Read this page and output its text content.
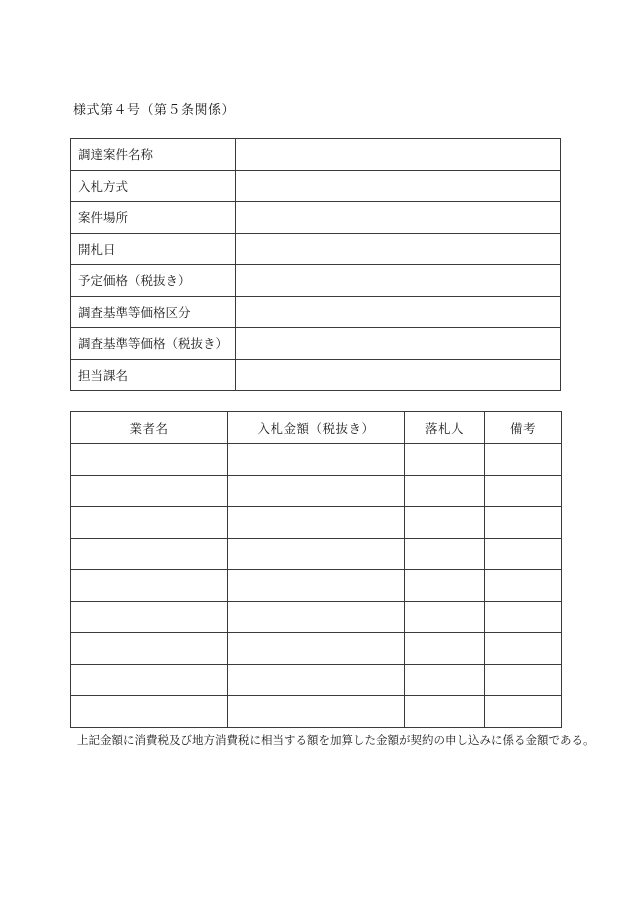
様式第４号（第５条関係）
調達案件名称	
入札方式	
案件場所	
開札日	
予定価格（税抜き）	
調査基準等価格区分	
調査基準等価格（税抜き）	
担当課名	
業者名	入札金額（税抜き）	落札人	備考

上記金額に消費税及び地方消費税に相当する額を加算した金額が契約の申し込みに係る金額である。
